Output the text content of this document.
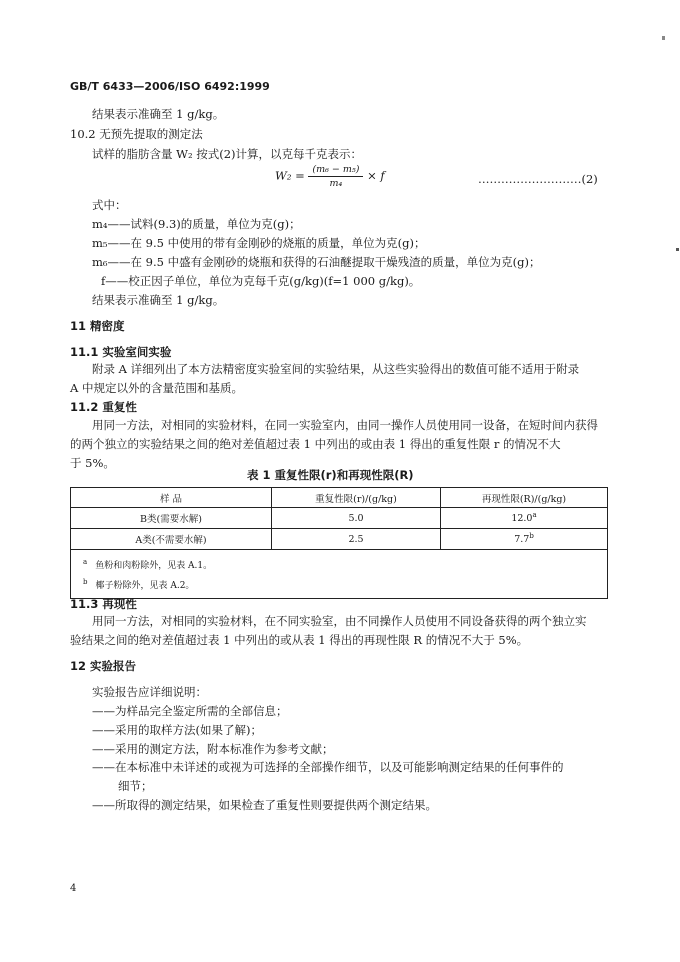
GB/T 6433—2006/ISO 6492:1999
结果表示准确至 1 g/kg。
10.2 无预先提取的测定法
试样的脂肪含量 W₂ 按式(2)计算，以克每千克表示：
$W_2 = \frac{\text{(m₆ − m₅)}}{\text{m₄}} \times f$	………………………(2)
式中：
m₄——试料(9.3)的质量，单位为克(g)；
m₅——在 9.5 中使用的带有金刚砂的烧瓶的质量，单位为克(g)；
m₆——在 9.5 中盛有金刚砂的烧瓶和获得的石油醚提取干燥残渣的质量，单位为克(g)；
f——校正因子单位，单位为克每千克(g/kg)(f=1 000 g/kg)。
结果表示准确至 1 g/kg。
11 精密度
11.1 实验室间实验
附录 A 详细列出了本方法精密度实验室间的实验结果，从这些实验得出的数值可能不适用于附录
A 中规定以外的含量范围和基质。
11.2 重复性
用同一方法，对相同的实验材料，在同一实验室内，由同一操作人员使用同一设备，在短时间内获得
的两个独立的实验结果之间的绝对差值超过表 1 中列出的或由表 1 得出的重复性限 r 的情况不大
于 5%。
表 1 重复性限(r)和再现性限(R)
样 品	重复性限(r)/(g/kg)	再现性限(R)/(g/kg)
B类(需要水解)	5.0	12.0$^a$
A类(不需要水解)	2.5	7.7$^b$

$^a$ 鱼粉和肉粉除外，见表 A.1。
$^b$ 椰子粉除外，见表 A.2。		
11.3 再现性
用同一方法，对相同的实验材料，在不同实验室，由不同操作人员使用不同设备获得的两个独立实
验结果之间的绝对差值超过表 1 中列出的或从表 1 得出的再现性限 R 的情况不大于 5%。
12 实验报告
实验报告应详细说明：
——为样品完全鉴定所需的全部信息；
——采用的取样方法(如果了解)；
——采用的测定方法，附本标准作为参考文献；
——在本标准中未详述的或视为可选择的全部操作细节，以及可能影响测定结果的任何事件的
细节；
——所取得的测定结果，如果检查了重复性则要提供两个测定结果。
4
